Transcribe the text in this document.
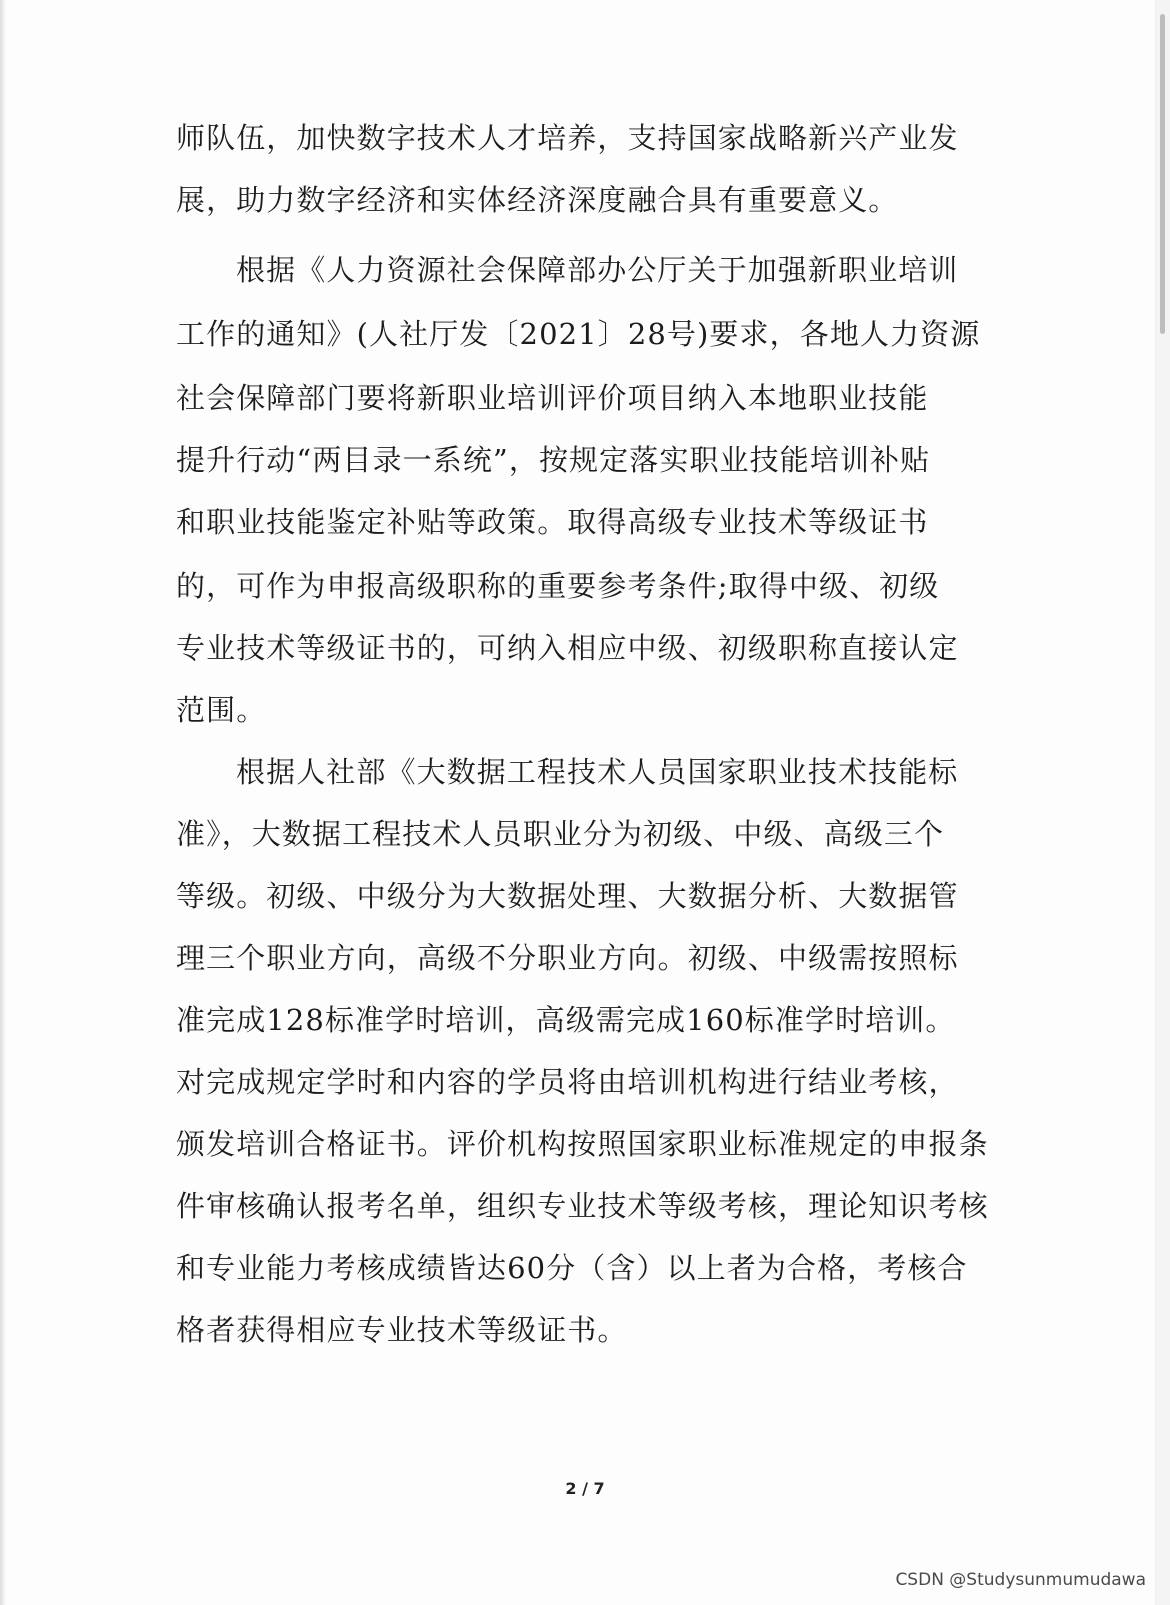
师队伍，加快数字技术人才培养，支持国家战略新兴产业发
展，助力数字经济和实体经济深度融合具有重要意义。
根据《人力资源社会保障部办公厅关于加强新职业培训
工作的通知》(人社厅发〔2021〕28号)要求，各地人力资源
社会保障部门要将新职业培训评价项目纳入本地职业技能
提升行动“两目录一系统”，按规定落实职业技能培训补贴
和职业技能鉴定补贴等政策。取得高级专业技术等级证书
的，可作为申报高级职称的重要参考条件;取得中级、初级
专业技术等级证书的，可纳入相应中级、初级职称直接认定
范围。
根据人社部《大数据工程技术人员国家职业技术技能标
准》，大数据工程技术人员职业分为初级、中级、高级三个
等级。初级、中级分为大数据处理、大数据分析、大数据管
理三个职业方向，高级不分职业方向。初级、中级需按照标
准完成128标准学时培训，高级需完成160标准学时培训。
对完成规定学时和内容的学员将由培训机构进行结业考核，
颁发培训合格证书。评价机构按照国家职业标准规定的申报条
件审核确认报考名单，组织专业技术等级考核，理论知识考核
和专业能力考核成绩皆达60分（含）以上者为合格，考核合
格者获得相应专业技术等级证书。
2 / 7
CSDN @Studysunmumudawa
